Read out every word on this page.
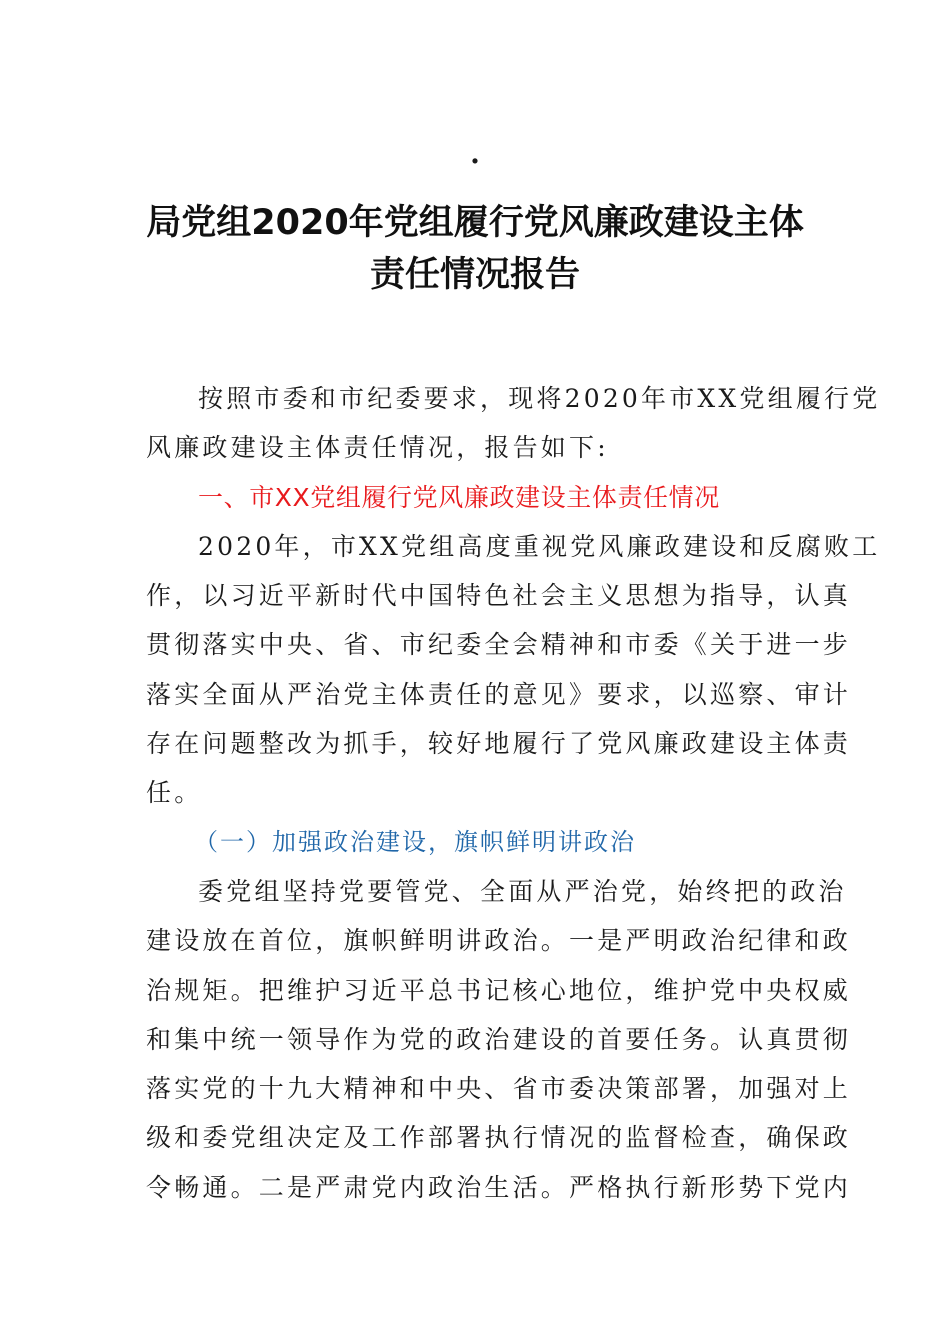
.
局党组2020年党组履行党风廉政建设主体
责任情况报告
按照市委和市纪委要求，现将2020年市XX党组履行党
风廉政建设主体责任情况，报告如下:
一、市XX党组履行党风廉政建设主体责任情况
2020年，市XX党组高度重视党风廉政建设和反腐败工
作，以习近平新时代中国特色社会主义思想为指导，认真
贯彻落实中央、省、市纪委全会精神和市委《关于进一步
落实全面从严治党主体责任的意见》要求，以巡察、审计
存在问题整改为抓手，较好地履行了党风廉政建设主体责
任。
（一）加强政治建设，旗帜鲜明讲政治
委党组坚持党要管党、全面从严治党，始终把的政治
建设放在首位，旗帜鲜明讲政治。一是严明政治纪律和政
治规矩。把维护习近平总书记核心地位，维护党中央权威
和集中统一领导作为党的政治建设的首要任务。认真贯彻
落实党的十九大精神和中央、省市委决策部署，加强对上
级和委党组决定及工作部署执行情况的监督检查，确保政
令畅通。二是严肃党内政治生活。严格执行新形势下党内
